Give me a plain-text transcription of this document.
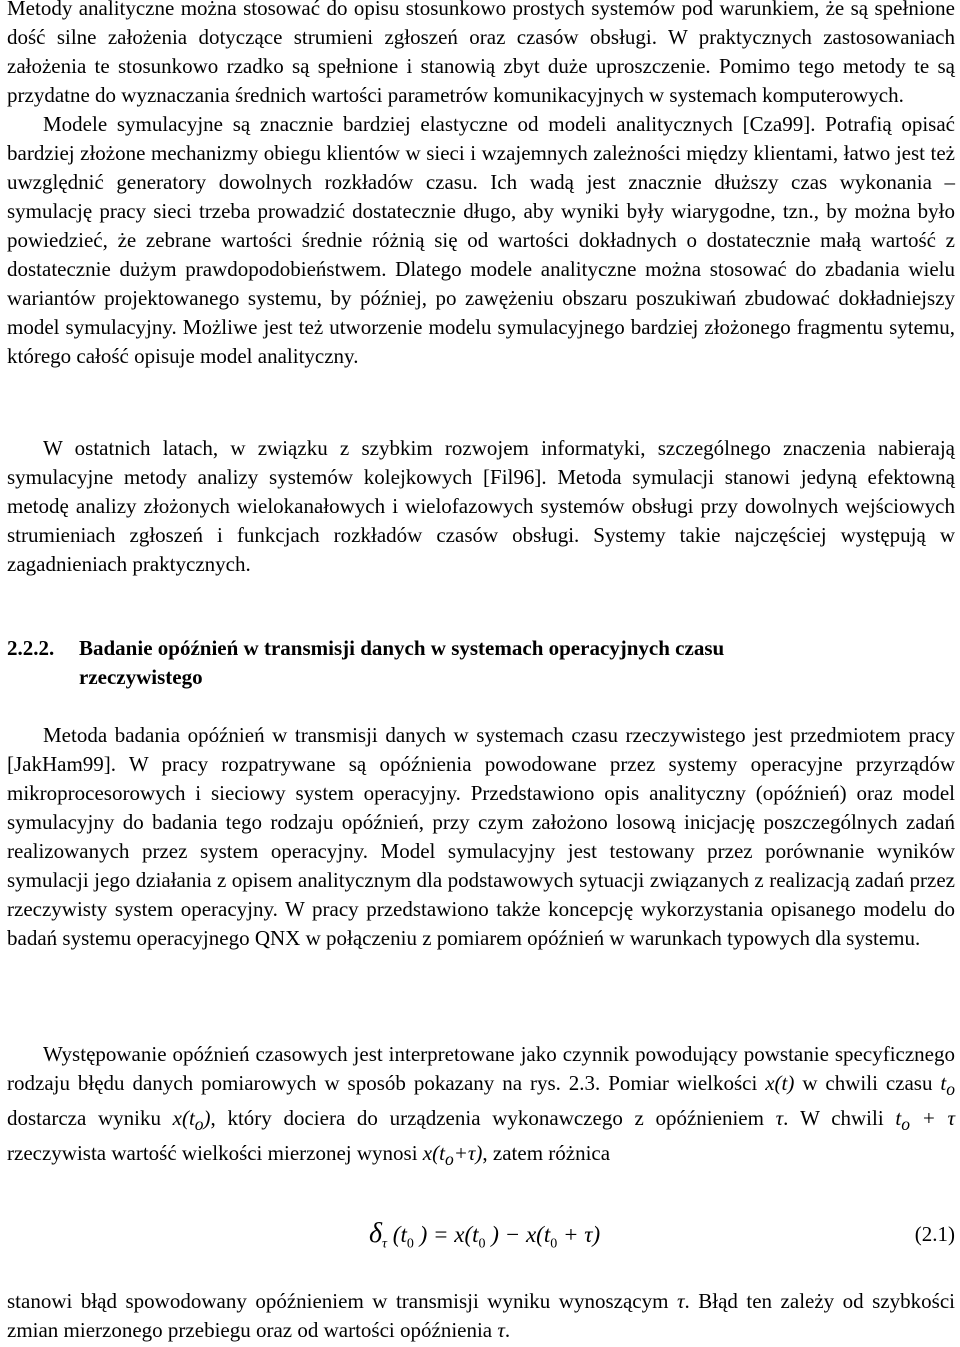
Metody analityczne można stosować do opisu stosunkowo prostych systemów pod warunkiem, że są spełnione dość silne założenia dotyczące strumieni zgłoszeń oraz czasów obsługi. W praktycznych zastosowaniach założenia te stosunkowo rzadko są spełnione i stanowią zbyt duże uproszczenie. Pomimo tego metody te są przydatne do wyznaczania średnich wartości parametrów komunikacyjnych w systemach komputerowych.
Modele symulacyjne są znacznie bardziej elastyczne od modeli analitycznych [Cza99]. Potrafią opisać bardziej złożone mechanizmy obiegu klientów w sieci i wzajemnych zależności między klientami, łatwo jest też uwzględnić generatory dowolnych rozkładów czasu. Ich wadą jest znacznie dłuższy czas wykonania – symulację pracy sieci trzeba prowadzić dostatecznie długo, aby wyniki były wiarygodne, tzn., by można było powiedzieć, że zebrane wartości średnie różnią się od wartości dokładnych o dostatecznie małą wartość z dostatecznie dużym prawdopodobieństwem. Dlatego modele analityczne można stosować do zbadania wielu wariantów projektowanego systemu, by później, po zawężeniu obszaru poszukiwań zbudować dokładniejszy model symulacyjny. Możliwe jest też utworzenie modelu symulacyjnego bardziej złożonego fragmentu sytemu, którego całość opisuje model analityczny.

W ostatnich latach, w związku z szybkim rozwojem informatyki, szczególnego znaczenia nabierają symulacyjne metody analizy systemów kolejkowych [Fil96]. Metoda symulacji stanowi jedyną efektowną metodę analizy złożonych wielokanałowych i wielofazowych systemów obsługi przy dowolnych wejściowych strumieniach zgłoszeń i funkcjach rozkładów czasów obsługi. Systemy takie najczęściej występują w zagadnieniach praktycznych.

2.2.2. Badanie opóźnień w transmisji danych w systemach operacyjnych czasu
rzeczywistego

Metoda badania opóźnień w transmisji danych w systemach czasu rzeczywistego jest przedmiotem pracy [JakHam99]. W pracy rozpatrywane są opóźnienia powodowane przez systemy operacyjne przyrządów mikroprocesorowych i sieciowy system operacyjny. Przedstawiono opis analityczny (opóźnień) oraz model symulacyjny do badania tego rodzaju opóźnień, przy czym założono losową inicjację poszczególnych zadań realizowanych przez system operacyjny. Model symulacyjny jest testowany przez porównanie wyników symulacji jego działania z opisem analitycznym dla podstawowych sytuacji związanych z realizacją zadań przez rzeczywisty system operacyjny. W pracy przedstawiono także koncepcję wykorzystania opisanego modelu do badań systemu operacyjnego QNX w połączeniu z pomiarem opóźnień w warunkach typowych dla systemu.

Występowanie opóźnień czasowych jest interpretowane jako czynnik powodujący powstanie specyficznego rodzaju błędu danych pomiarowych w sposób pokazany na rys. 2.3. Pomiar wielkości x(t) w chwili czasu $t_o$ dostarcza wyniku $x(t_o)$, który dociera do urządzenia wykonawczego z opóźnieniem τ. W chwili $t_o + \tau$ rzeczywista wartość wielkości mierzonej wynosi $x(t_o+\tau)$, zatem różnica

$\delta_\tau$ ($t_0$ ) = $x(t_0$ ) − $x(t_0 + \tau)$	(2.1)

stanowi błąd spowodowany opóźnieniem w transmisji wyniku wynoszącym τ. Błąd ten zależy od szybkości zmian mierzonego przebiegu oraz od wartości opóźnienia τ.
